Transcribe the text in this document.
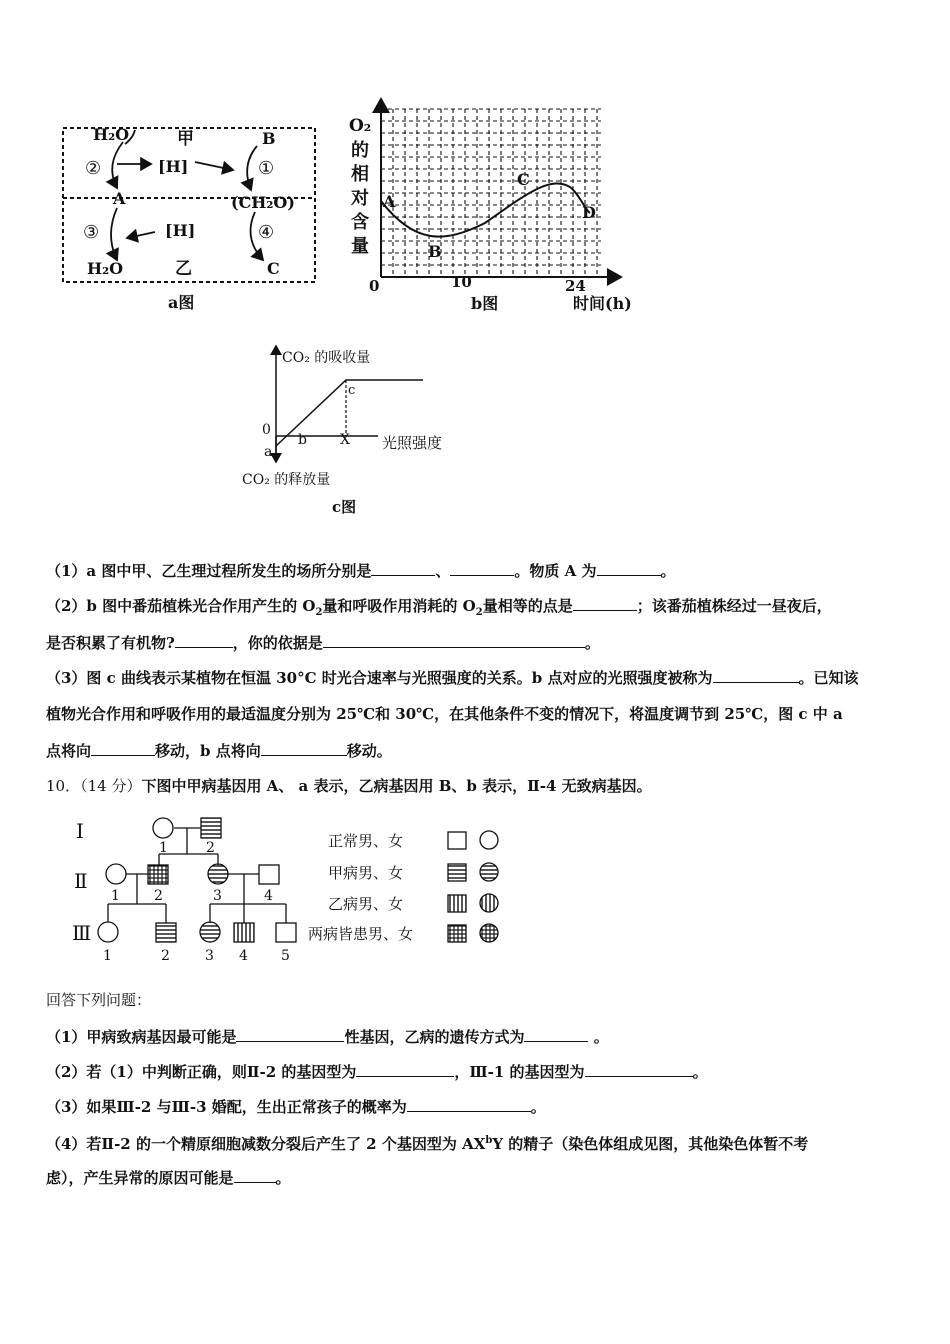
H₂O	甲	B
②	[H]	①
A	(CH₂O)
③	[H]	④
H₂O	乙	C
a图
O₂
的
相
对
含
量
A
B
C
D
0	10	24
b图	时间(h)
CO₂ 的吸收量
0
a
b
c
X 光照强度
CO₂ 的释放量
c图
（1）a 图中甲、乙生理过程所发生的场所分别是	、	。物质 A 为	。
（2）b 图中番茄植株光合作用产生的 $O_2$量和呼吸作用消耗的 $O_2$量相等的点是	；该番茄植株经过一昼夜后，
是否积累了有机物?	，你的依据是	。
（3）图 c 曲线表示某植物在恒温 30°C 时光合速率与光照强度的关系。b 点对应的光照强度被称为	。已知该
植物光合作用和呼吸作用的最适温度分别为 25℃和 30℃，在其他条件不变的情况下，将温度调节到 25℃，图 c 中 a
点将向	移动，b 点将向	移动。
10．（14 分）下图中甲病基因用 A、 a 表示，乙病基因用 B、b 表示，Ⅱ-4 无致病基因。
Ⅰ
Ⅱ
Ⅲ
1	2
1 2	3	4
1	2	3 4 5
正常男、女
甲病男、女
乙病男、女
两病皆患男、女
回答下列问题：
（1）甲病致病基因最可能是	性基因，乙病的遗传方式为	。
（2）若（1）中判断正确，则Ⅱ-2 的基因型为	，Ⅲ-1 的基因型为	。
（3）如果Ⅲ-2 与Ⅲ-3 婚配，生出正常孩子的概率为	。
（4）若Ⅱ-2 的一个精原细胞减数分裂后产生了 2 个基因型为 $AX^bY$ 的精子（染色体组成见图，其他染色体暂不考
虑），产生异常的原因可能是	。
